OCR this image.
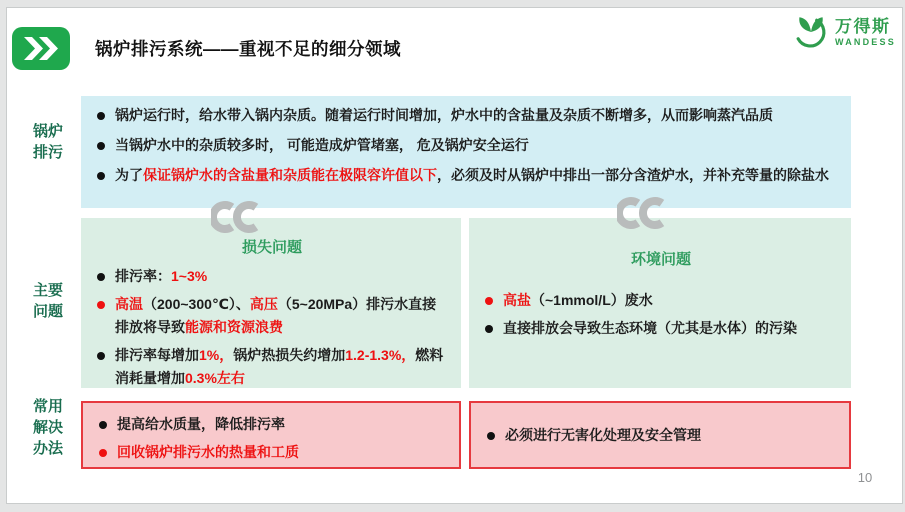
锅炉排污系统——重视不足的细分领域
万得斯
WANDESS
锅炉
排污
主要
问题
常用
解决
办法

锅炉运行时，给水带入锅内杂质。随着运行时间增加，炉水中的含盐量及杂质不断增多，从而影响蒸汽品质

当锅炉水中的杂质较多时， 可能造成炉管堵塞， 危及锅炉安全运行

为了保证锅炉水的含盐量和杂质能在极限容许值以下，必须及时从锅炉中排出一部分含渣炉水，并补充等量的除盐水

损失问题

排污率：1~3%

高温（200~300℃）、高压（5~20MPa）排污水直接排放将导致能源和资源浪费

排污率每增加1%，锅炉热损失约增加1.2-1.3%，燃料消耗量增加0.3%左右

环境问题

高盐（~1mmol/L）废水

直接排放会导致生态环境（尤其是水体）的污染

提高给水质量，降低排污率

回收锅炉排污水的热量和工质

必须进行无害化处理及安全管理

10
